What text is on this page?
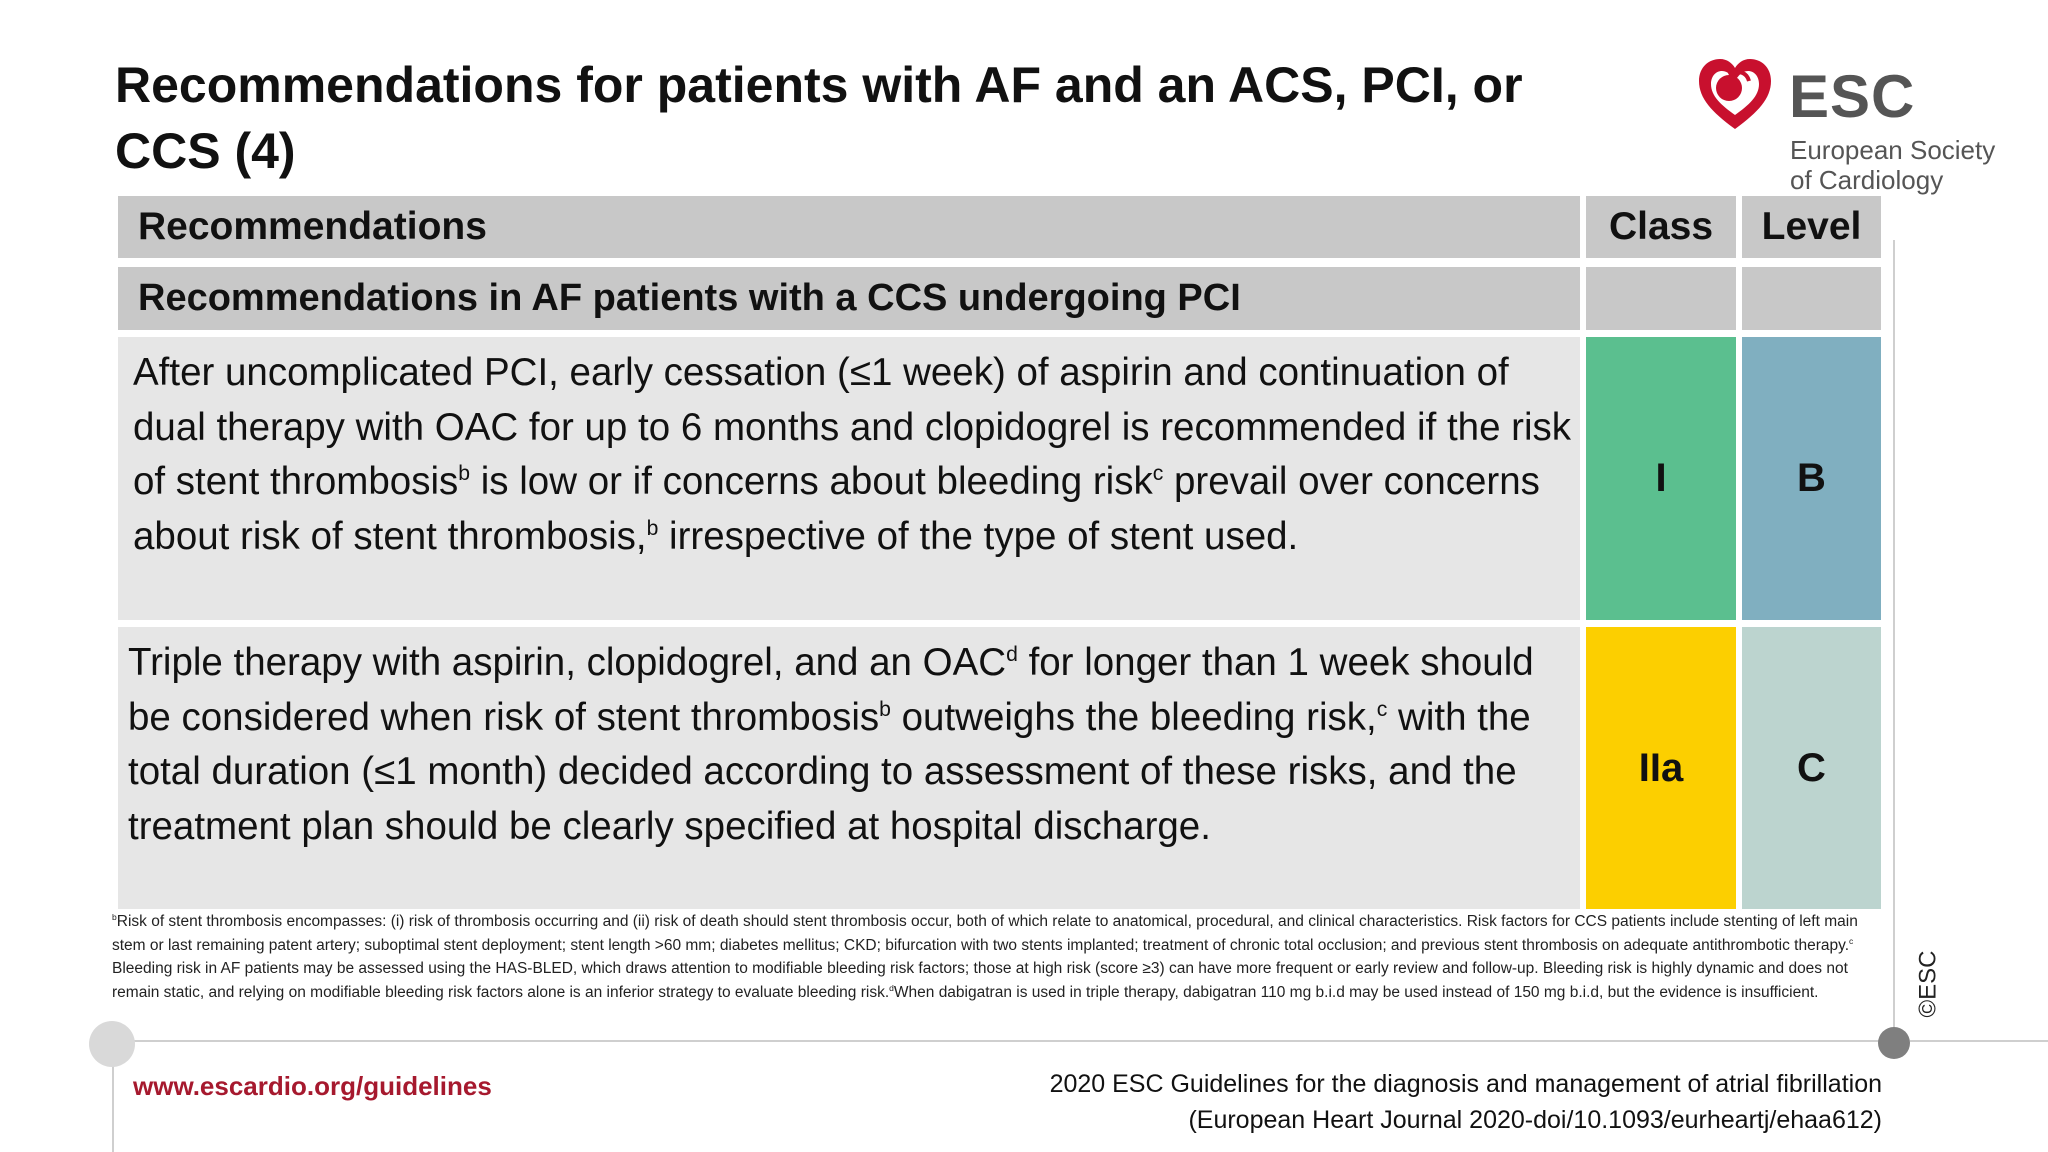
Recommendations for patients with AF and an ACS, PCI, or CCS (4)
ESC
European Society
of Cardiology
Recommendations	Class	Level
Recommendations in AF patients with a CCS undergoing PCI
After uncomplicated PCI, early cessation (≤1 week) of aspirin and continuation of dual therapy with OAC for up to 6 months and clopidogrel is recommended if the risk of stent thrombosis$^b$ is low or if concerns about bleeding risk$^c$ prevail over concerns about risk of stent thrombosis,$^b$ irrespective of the type of stent used.
I	B
Triple therapy with aspirin, clopidogrel, and an OAC$^d$ for longer than 1 week should be considered when risk of stent thrombosis$^b$ outweighs the bleeding risk,$^c$ with the total duration (≤1 month) decided according to assessment of these risks, and the treatment plan should be clearly specified at hospital discharge.
IIa	C
$^b$Risk of stent thrombosis encompasses: (i) risk of thrombosis occurring and (ii) risk of death should stent thrombosis occur, both of which relate to anatomical, procedural, and clinical characteristics. Risk factors for CCS patients include stenting of left main stem or last remaining patent artery; suboptimal stent deployment; stent length >60 mm; diabetes mellitus; CKD; bifurcation with two stents implanted; treatment of chronic total occlusion; and previous stent thrombosis on adequate antithrombotic therapy.$^c$ Bleeding risk in AF patients may be assessed using the HAS-BLED, which draws attention to modifiable bleeding risk factors; those at high risk (score ≥3) can have more frequent or early review and follow-up. Bleeding risk is highly dynamic and does not remain static, and relying on modifiable bleeding risk factors alone is an inferior strategy to evaluate bleeding risk.$^d$When dabigatran is used in triple therapy, dabigatran 110 mg b.i.d may be used instead of 150 mg b.i.d, but the evidence is insufficient.	©ESC
www.escardio.org/guidelines	2020 ESC Guidelines for the diagnosis and management of atrial fibrillation
(European Heart Journal 2020-doi/10.1093/eurheartj/ehaa612)
